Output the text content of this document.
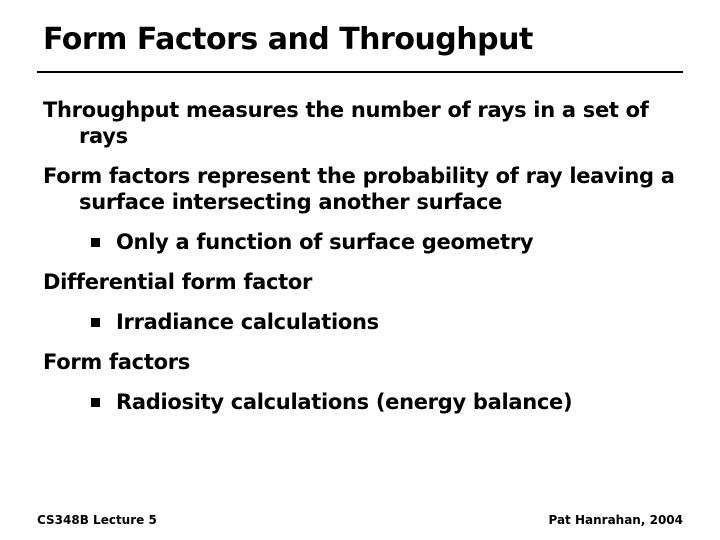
Form Factors and Throughput
Throughput measures the number of rays in a set of rays
Form factors represent the probability of ray leaving a surface intersecting another surface
Only a function of surface geometry
Differential form factor
Irradiance calculations
Form factors
Radiosity calculations (energy balance)
CS348B Lecture 5	Pat Hanrahan, 2004
